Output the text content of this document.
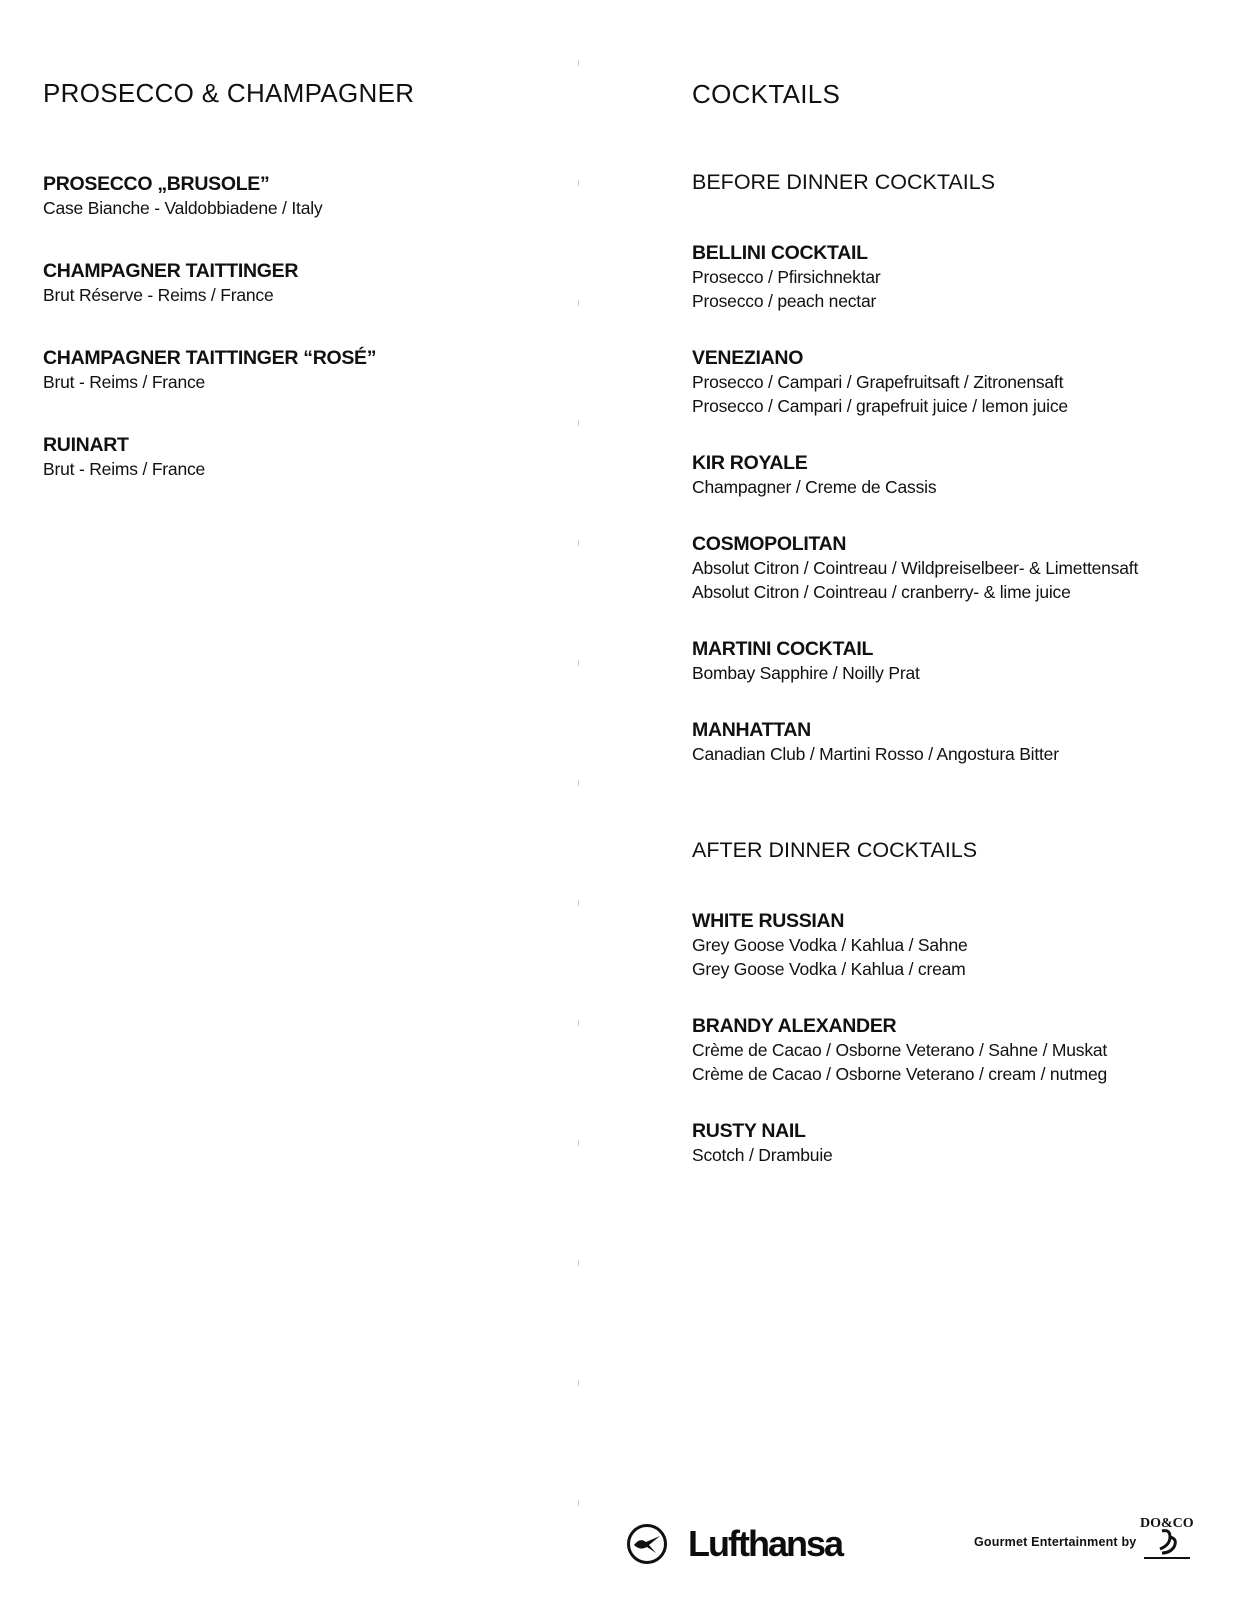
PROSECCO & CHAMPAGNER
PROSECCO „BRUSOLE”
Case Bianche - Valdobbiadene / Italy
CHAMPAGNER TAITTINGER
Brut Réserve - Reims / France
CHAMPAGNER TAITTINGER “ROSÉ”
Brut - Reims / France
RUINART
Brut - Reims / France
COCKTAILS
BEFORE DINNER COCKTAILS
BELLINI COCKTAIL
Prosecco / Pfirsichnektar
Prosecco / peach nectar
VENEZIANO
Prosecco / Campari / Grapefruitsaft / Zitronensaft
Prosecco / Campari / grapefruit juice / lemon juice
KIR ROYALE
Champagner / Creme de Cassis
COSMOPOLITAN
Absolut Citron / Cointreau / Wildpreiselbeer- & Limettensaft
Absolut Citron / Cointreau / cranberry- & lime juice
MARTINI COCKTAIL
Bombay Sapphire / Noilly Prat
MANHATTAN
Canadian Club / Martini Rosso / Angostura Bitter
AFTER DINNER COCKTAILS
WHITE RUSSIAN
Grey Goose Vodka / Kahlua / Sahne
Grey Goose Vodka / Kahlua / cream
BRANDY ALEXANDER
Crème de Cacao / Osborne Veterano / Sahne / Muskat
Crème de Cacao / Osborne Veterano / cream / nutmeg
RUSTY NAIL
Scotch / Drambuie
Lufthansa	Gourmet Entertainment by
DO&CO
